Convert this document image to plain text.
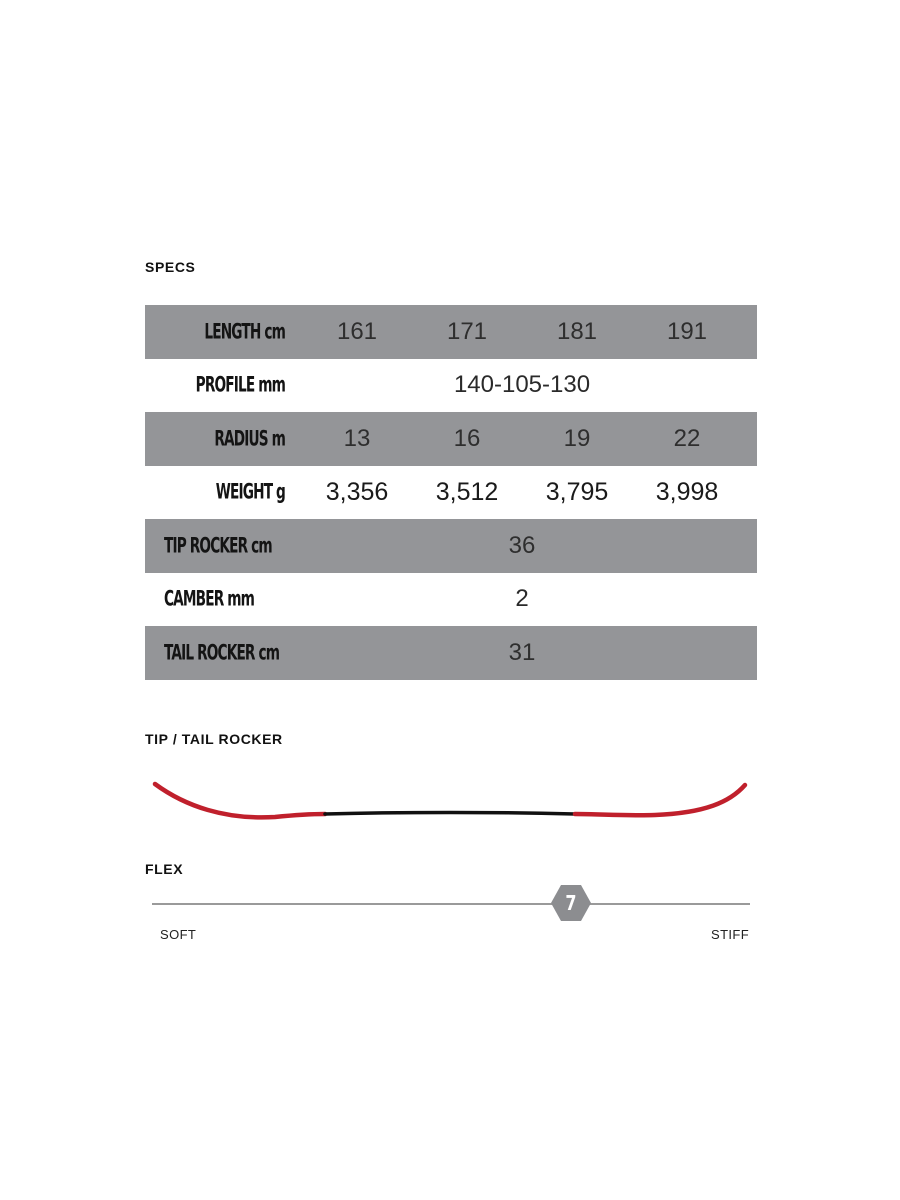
SPECS
LENGTH cm	161	171	181	191
PROFILE mm	140-105-130
RADIUS m	13	16	19	22
WEIGHT g	3,356	3,512	3,795	3,998
TIP ROCKER cm	36
CAMBER mm	2
TAIL ROCKER cm	31
TIP / TAIL ROCKER
FLEX
7
SOFT	STIFF
